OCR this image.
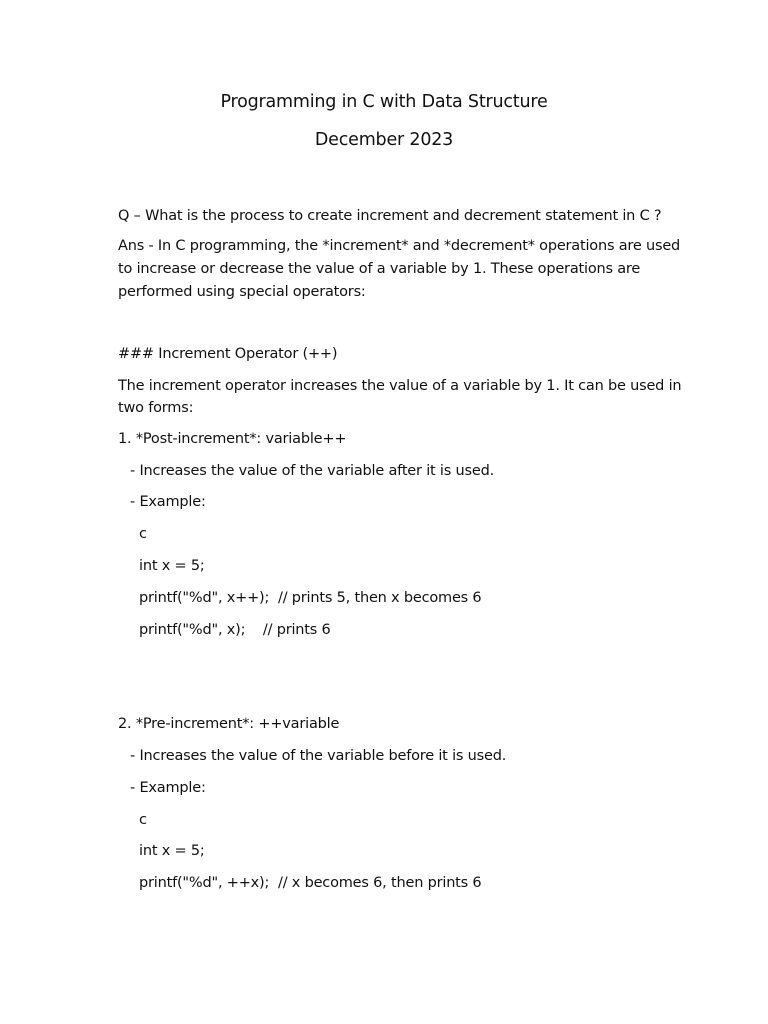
Programming in C with Data Structure
December 2023
Q – What is the process to create increment and decrement statement in C ?
Ans - In C programming, the *increment* and *decrement* operations are used
to increase or decrease the value of a variable by 1. These operations are
performed using special operators:
### Increment Operator (++)
The increment operator increases the value of a variable by 1. It can be used in
two forms:
1. *Post-increment*: variable++
- Increases the value of the variable after it is used.
- Example:
c
int x = 5;
printf("%d", x++);  // prints 5, then x becomes 6
printf("%d", x);    // prints 6
2. *Pre-increment*: ++variable
- Increases the value of the variable before it is used.
- Example:
c
int x = 5;
printf("%d", ++x);  // x becomes 6, then prints 6
